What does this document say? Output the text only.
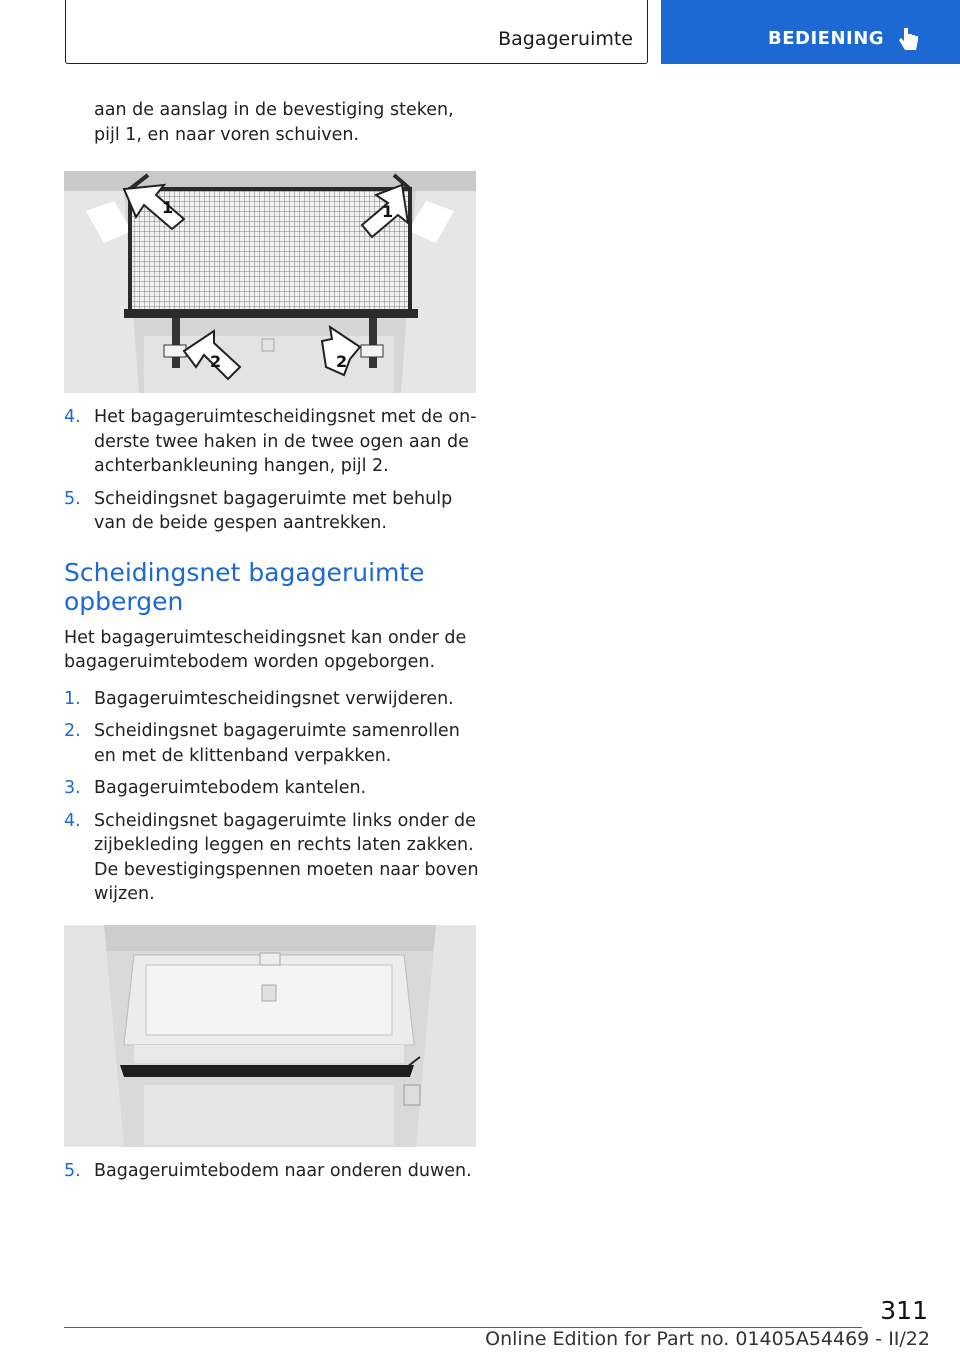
Bagageruimte	BEDIENING

aan de aanslag in de bevestiging steken, pijl 1, en naar voren schuiven.

1	1
2	2
4. Het bagageruimtescheidingsnet met de onderste twee haken in de twee ogen aan de achterbankleuning hangen, pijl 2.
5. Scheidingsnet bagageruimte met behulp van de beide gespen aantrekken.
Scheidingsnet bagageruimte opbergen

Het bagageruimtescheidingsnet kan onder de bagageruimtebodem worden opgeborgen.

1. Bagageruimtescheidingsnet verwijderen.
2. Scheidingsnet bagageruimte samenrollen en met de klittenband verpakken.
3. Bagageruimtebodem kantelen.
4. Scheidingsnet bagageruimte links onder de zijbekleding leggen en rechts laten zakken. De bevestigingspennen moeten naar boven wijzen.
5. Bagageruimtebodem naar onderen duwen.
311
Online Edition for Part no. 01405A54469 - II/22
